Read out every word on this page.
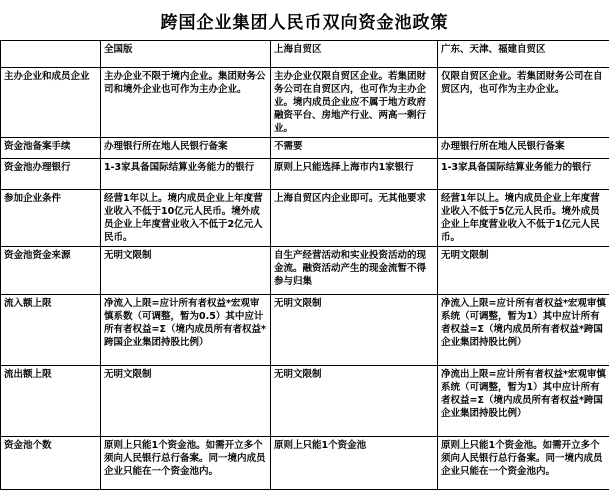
跨国企业集团人民币双向资金池政策
	全国版	上海自贸区	广东、天津、福建自贸区
主办企业和成员企业	主办企业不限于境内企业。集团财务公司和境外企业也可作为主办企业。	主办企业仅限自贸区企业。若集团财务公司在自贸区内，也可作为主办企业。境内成员企业应不属于地方政府融资平台、房地产行业、两高一剩行业。	仅限自贸区企业。若集团财务公司在自贸区内，也可作为主办企业。
资金池备案手续	办理银行所在地人民银行备案	不需要	办理银行所在地人民银行备案
资金池办理银行	1-3家具备国际结算业务能力的银行	原则上只能选择上海市内1家银行	1-3家具备国际结算业务能力的银行
参加企业条件	经营1年以上。境内成员企业上年度营业收入不低于10亿元人民币。境外成员企业上年度营业收入不低于2亿元人民币。	上海自贸区内企业即可。无其他要求	经营1年以上。境内成员企业上年度营业收入不低于5亿元人民币。境外成员企业上年度营业收入不低于1亿元人民币。
资金池资金来源	无明文限制	自生产经营活动和实业投资活动的现金流。融资活动产生的现金流暂不得参与归集	无明文限制
流入额上限	净流入上限=应计所有者权益*宏观审慎系数（可调整，暂为0.5）其中应计所有者权益=Σ（境内成员所有者权益*跨国企业集团持股比例）	无明文限制	净流入上限=应计所有者权益*宏观审慎系统（可调整，暂为1）其中应计所有者权益=Σ（境内成员所有者权益*跨国企业集团持股比例）
流出额上限	无明文限制	无明文限制	净流出上限=应计所有者权益*宏观审慎系统（可调整，暂为1）其中应计所有者权益=Σ（境内成员所有者权益*跨国企业集团持股比例）
资金池个数	原则上只能1个资金池。如需开立多个须向人民银行总行备案。同一境内成员企业只能在一个资金池内。	原则上只能1个资金池	原则上只能1个资金池。如需开立多个须向人民银行总行备案。同一境内成员企业只能在一个资金池内。
